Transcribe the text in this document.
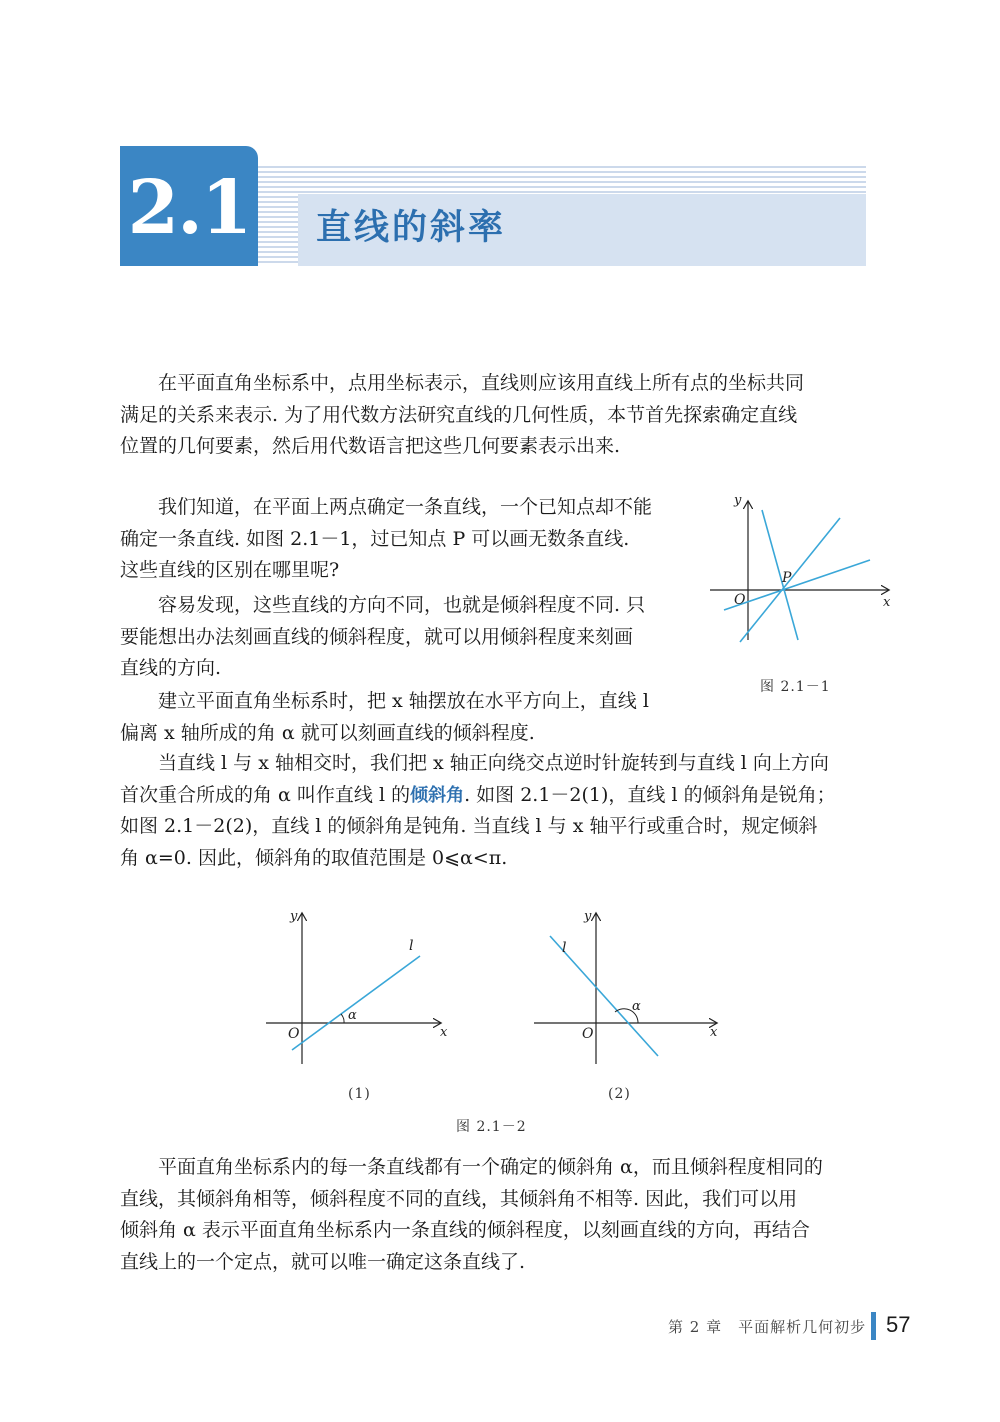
2.1 直线的斜率
在平面直角坐标系中，点用坐标表示，直线则应该用直线上所有点的坐标共同
满足的关系来表示. 为了用代数方法研究直线的几何性质，本节首先探索确定直线
位置的几何要素，然后用代数语言把这些几何要素表示出来.
我们知道，在平面上两点确定一条直线，一个已知点却不能
确定一条直线. 如图 2.1－1，过已知点 P 可以画无数条直线.
这些直线的区别在哪里呢?
容易发现，这些直线的方向不同，也就是倾斜程度不同. 只
要能想出办法刻画直线的倾斜程度，就可以用倾斜程度来刻画
直线的方向.
建立平面直角坐标系时，把 x 轴摆放在水平方向上，直线 l
偏离 x 轴所成的角 α 就可以刻画直线的倾斜程度.
y
x
O
P
图 2.1－1
当直线 l 与 x 轴相交时，我们把 x 轴正向绕交点逆时针旋转到与直线 l 向上方向
首次重合所成的角 α 叫作直线 l 的倾斜角. 如图 2.1－2(1)，直线 l 的倾斜角是锐角；
如图 2.1－2(2)，直线 l 的倾斜角是钝角. 当直线 l 与 x 轴平行或重合时，规定倾斜
角 α=0. 因此，倾斜角的取值范围是 0⩽α<π.
y
x
O
l
α
(1)
y
x
O
l
α
(2)
图 2.1－2
平面直角坐标系内的每一条直线都有一个确定的倾斜角 α，而且倾斜程度相同的
直线，其倾斜角相等，倾斜程度不同的直线，其倾斜角不相等. 因此，我们可以用
倾斜角 α 表示平面直角坐标系内一条直线的倾斜程度，以刻画直线的方向，再结合
直线上的一个定点，就可以唯一确定这条直线了.
第 2 章　平面解析几何初步 57
